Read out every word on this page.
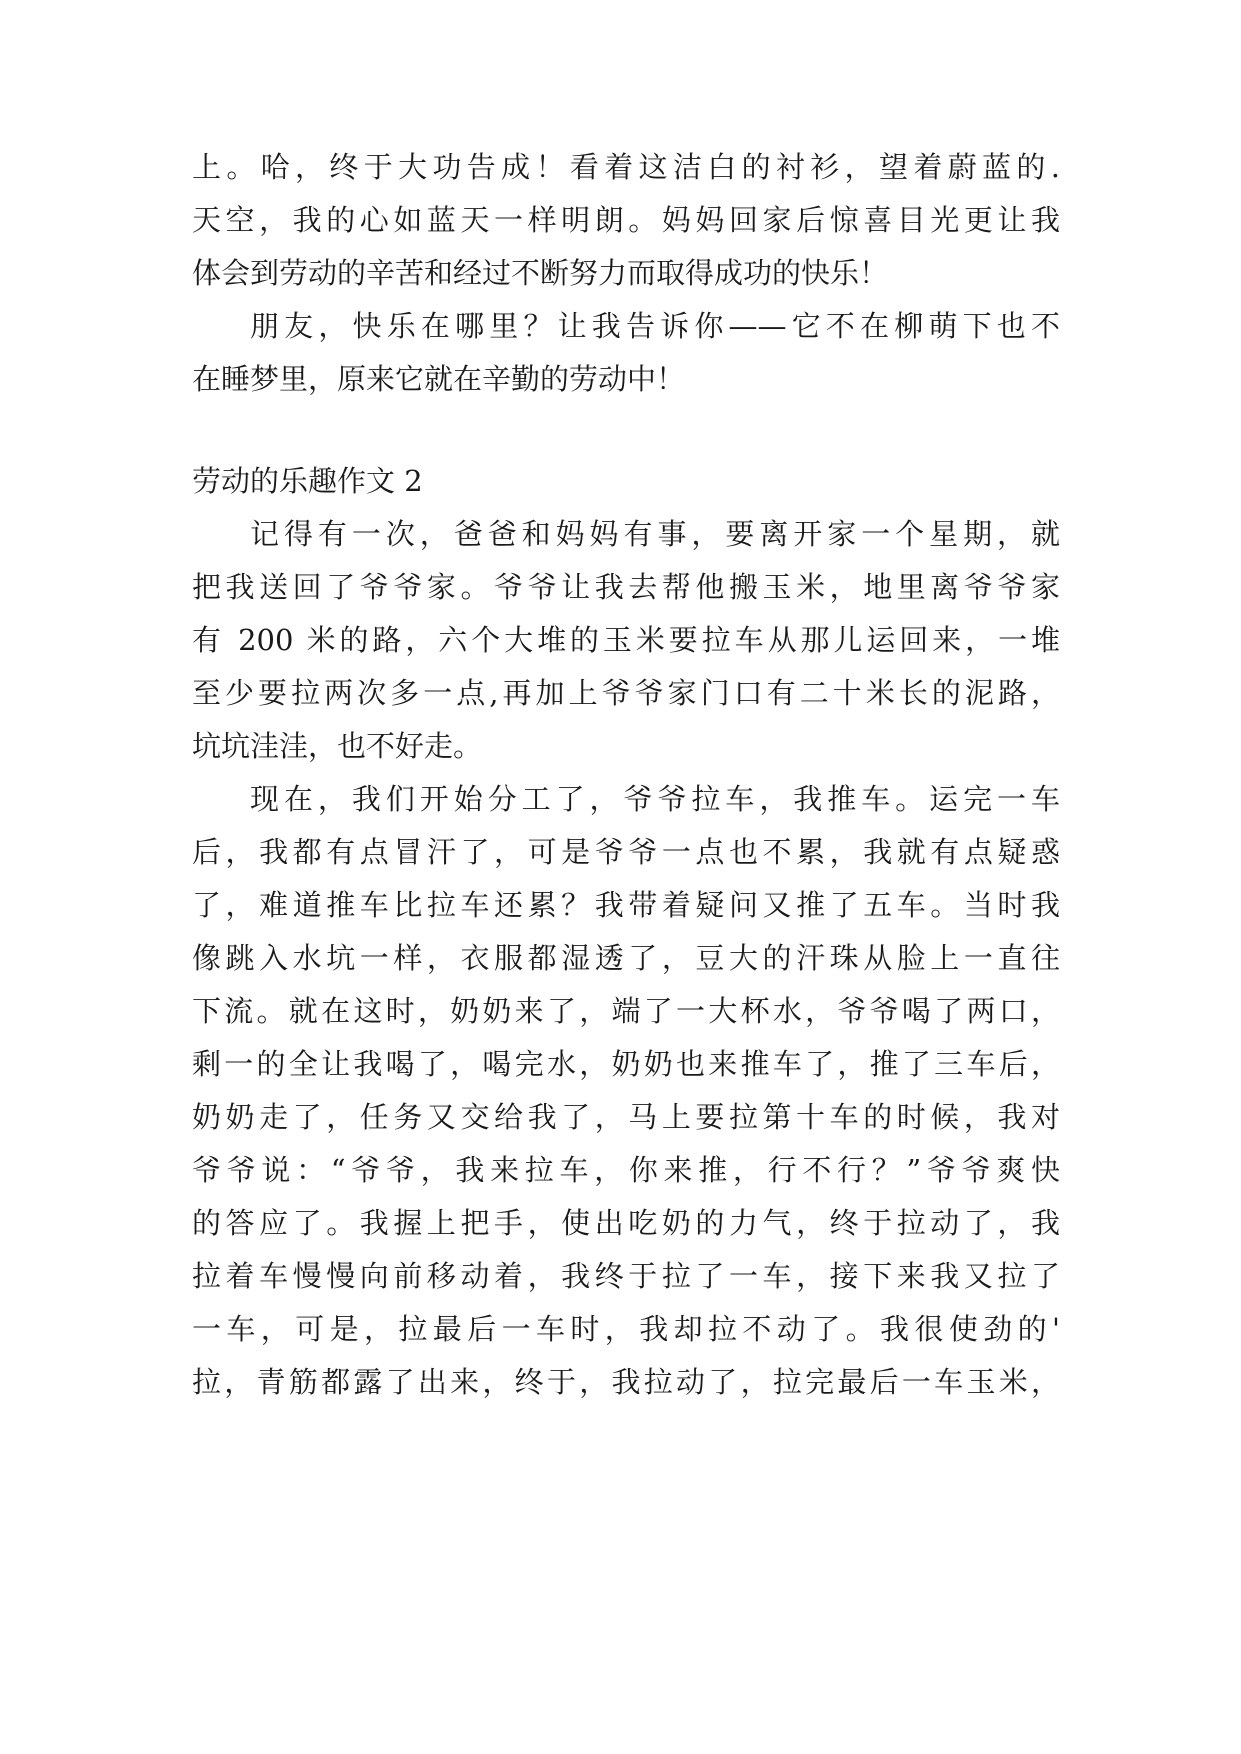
上。哈，终于大功告成！看着这洁白的衬衫，望着蔚蓝的.
天空，我的心如蓝天一样明朗。妈妈回家后惊喜目光更让我
体会到劳动的辛苦和经过不断努力而取得成功的快乐！
朋友，快乐在哪里？让我告诉你——它不在柳萌下也不
在睡梦里，原来它就在辛勤的劳动中！
劳动的乐趣作文 2
记得有一次，爸爸和妈妈有事，要离开家一个星期，就
把我送回了爷爷家。爷爷让我去帮他搬玉米，地里离爷爷家
有 200 米的路，六个大堆的玉米要拉车从那儿运回来，一堆
至少要拉两次多一点,再加上爷爷家门口有二十米长的泥路，
坑坑洼洼，也不好走。
现在，我们开始分工了，爷爷拉车，我推车。运完一车
后，我都有点冒汗了，可是爷爷一点也不累，我就有点疑惑
了，难道推车比拉车还累？我带着疑问又推了五车。当时我
像跳入水坑一样，衣服都湿透了，豆大的汗珠从脸上一直往
下流。就在这时，奶奶来了，端了一大杯水，爷爷喝了两口，
剩一的全让我喝了，喝完水，奶奶也来推车了，推了三车后，
奶奶走了，任务又交给我了，马上要拉第十车的时候，我对
爷爷说：“爷爷，我来拉车，你来推，行不行？”爷爷爽快
的答应了。我握上把手，使出吃奶的力气，终于拉动了，我
拉着车慢慢向前移动着，我终于拉了一车，接下来我又拉了
一车，可是，拉最后一车时，我却拉不动了。我很使劲的'
拉，青筋都露了出来，终于，我拉动了，拉完最后一车玉米，
